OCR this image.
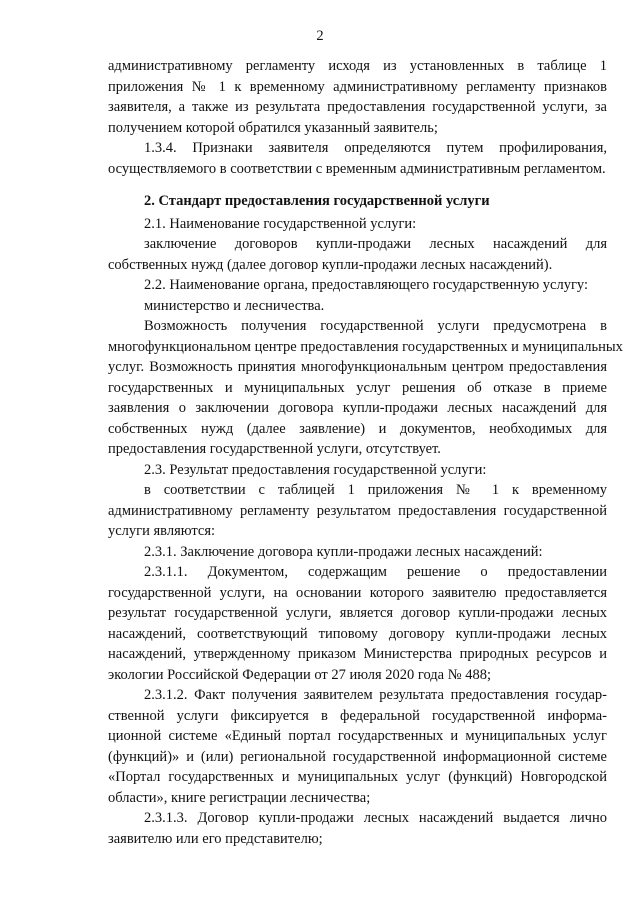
2
административному регламенту исходя из установленных в таблице 1
приложения № 1 к временному административному регламенту признаков
заявителя, а также из результата предоставления государственной услуги, за
получением которой обратился указанный заявитель;
1.3.4. Признаки заявителя определяются путем профилирования,
осуществляемого в соответствии с временным административным регламентом.
2. Стандарт предоставления государственной услуги
2.1. Наименование государственной услуги:
заключение договоров купли-продажи лесных насаждений для
собственных нужд (далее договор купли-продажи лесных насаждений).
2.2. Наименование органа, предоставляющего государственную услугу:
министерство и лесничества.
Возможность получения государственной услуги предусмотрена в
многофункциональном центре предоставления государственных и муниципальных
услуг. Возможность принятия многофункциональным центром предоставления
государственных и муниципальных услуг решения об отказе в приеме
заявления о заключении договора купли-продажи лесных насаждений для
собственных нужд (далее заявление) и документов, необходимых для
предоставления государственной услуги, отсутствует.
2.3. Результат предоставления государственной услуги:
в соответствии с таблицей 1 приложения № 1 к временному
административному регламенту результатом предоставления государственной
услуги являются:
2.3.1. Заключение договора купли-продажи лесных насаждений:
2.3.1.1. Документом, содержащим решение о предоставлении
государственной услуги, на основании которого заявителю предоставляется
результат государственной услуги, является договор купли-продажи лесных
насаждений, соответствующий типовому договору купли-продажи лесных
насаждений, утвержденному приказом Министерства природных ресурсов и
экологии Российской Федерации от 27 июля 2020 года № 488;
2.3.1.2. Факт получения заявителем результата предоставления государ-
ственной услуги фиксируется в федеральной государственной информа-
ционной системе «Единый портал государственных и муниципальных услуг
(функций)» и (или) региональной государственной информационной системе
«Портал государственных и муниципальных услуг (функций) Новгородской
области», книге регистрации лесничества;
2.3.1.3. Договор купли-продажи лесных насаждений выдается лично
заявителю или его представителю;
